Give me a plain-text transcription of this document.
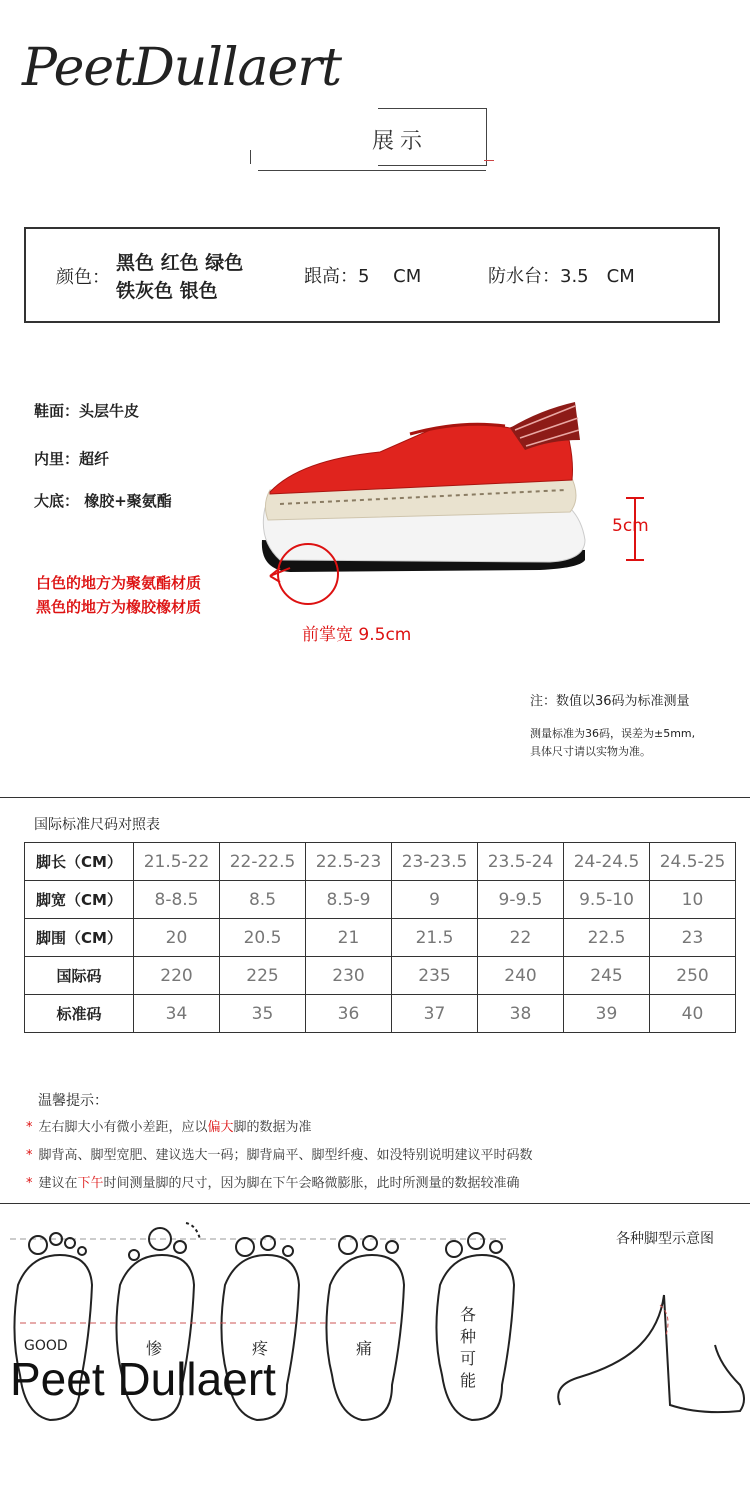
PeetDullaert
展示
颜色：
黑色 红色 绿色
铁灰色 银色
跟高：5　 CM	防水台：3.5　CM
鞋面：头层牛皮
内里：超纤
大底： 橡胶+聚氨酯
白色的地方为聚氨酯材质
黑色的地方为橡胶橡材质
5cm
前掌宽 9.5cm
注：数值以36码为标准测量
测量标准为36码，误差为±5mm,
具体尺寸请以实物为准。
国际标准尺码对照表
脚长（CM）	21.5-22	22-22.5	22.5-23	23-23.5	23.5-24	24-24.5	24.5-25
脚宽（CM）	8-8.5	8.5	8.5-9	9	9-9.5	9.5-10	10
脚围（CM）	20	20.5	21	21.5	22	22.5	23
国际码	220	225	230	235	240	245	250
标准码	34	35	36	37	38	39	40
温馨提示：
* 左右脚大小有微小差距，应以偏大脚的数据为准
* 脚背高、脚型宽肥、建议选大一码；脚背扁平、脚型纤瘦、如没特别说明建议平时码数
* 建议在下午时间测量脚的尺寸，因为脚在下午会略微膨胀，此时所测量的数据较准确
各种脚型示意图
GOOD	惨	疼	痛
各种可能
Peet Dullaert
